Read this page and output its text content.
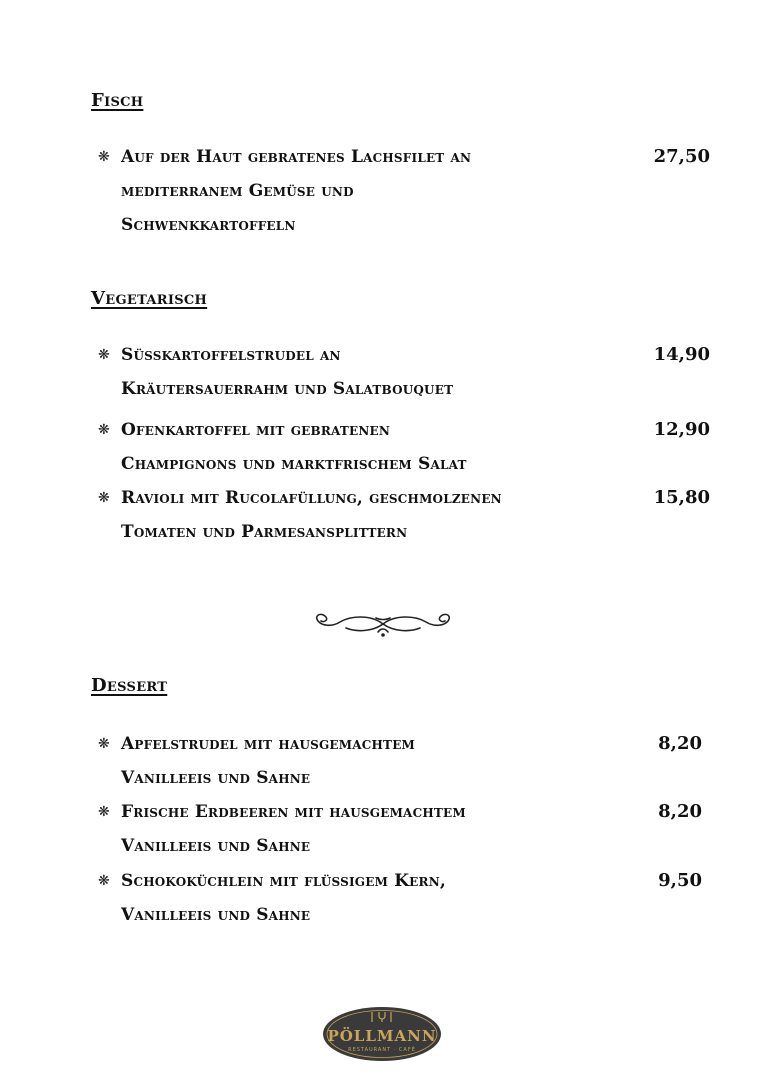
Fisch
❋ Auf der Haut gebratenes Lachsfilet an
mediterranem Gemüse und
Schwenkkartoffeln
27,50
Vegetarisch
❋ Süsskartoffelstrudel an
Kräutersauerrahm und Salatbouquet
14,90
❋ Ofenkartoffel mit gebratenen
Champignons und marktfrischem Salat
12,90
❋ Ravioli mit Rucolafüllung, geschmolzenen
Tomaten und Parmesansplittern
15,80
Dessert
❋ Apfelstrudel mit hausgemachtem
Vanilleeis und Sahne
8,20
❋ Frische Erdbeeren mit hausgemachtem
Vanilleeis und Sahne
8,20
❋ Schokoküchlein mit flüssigem Kern,
Vanilleeis und Sahne
9,50
PÖLLMANN
RESTAURANT · CAFÉ
